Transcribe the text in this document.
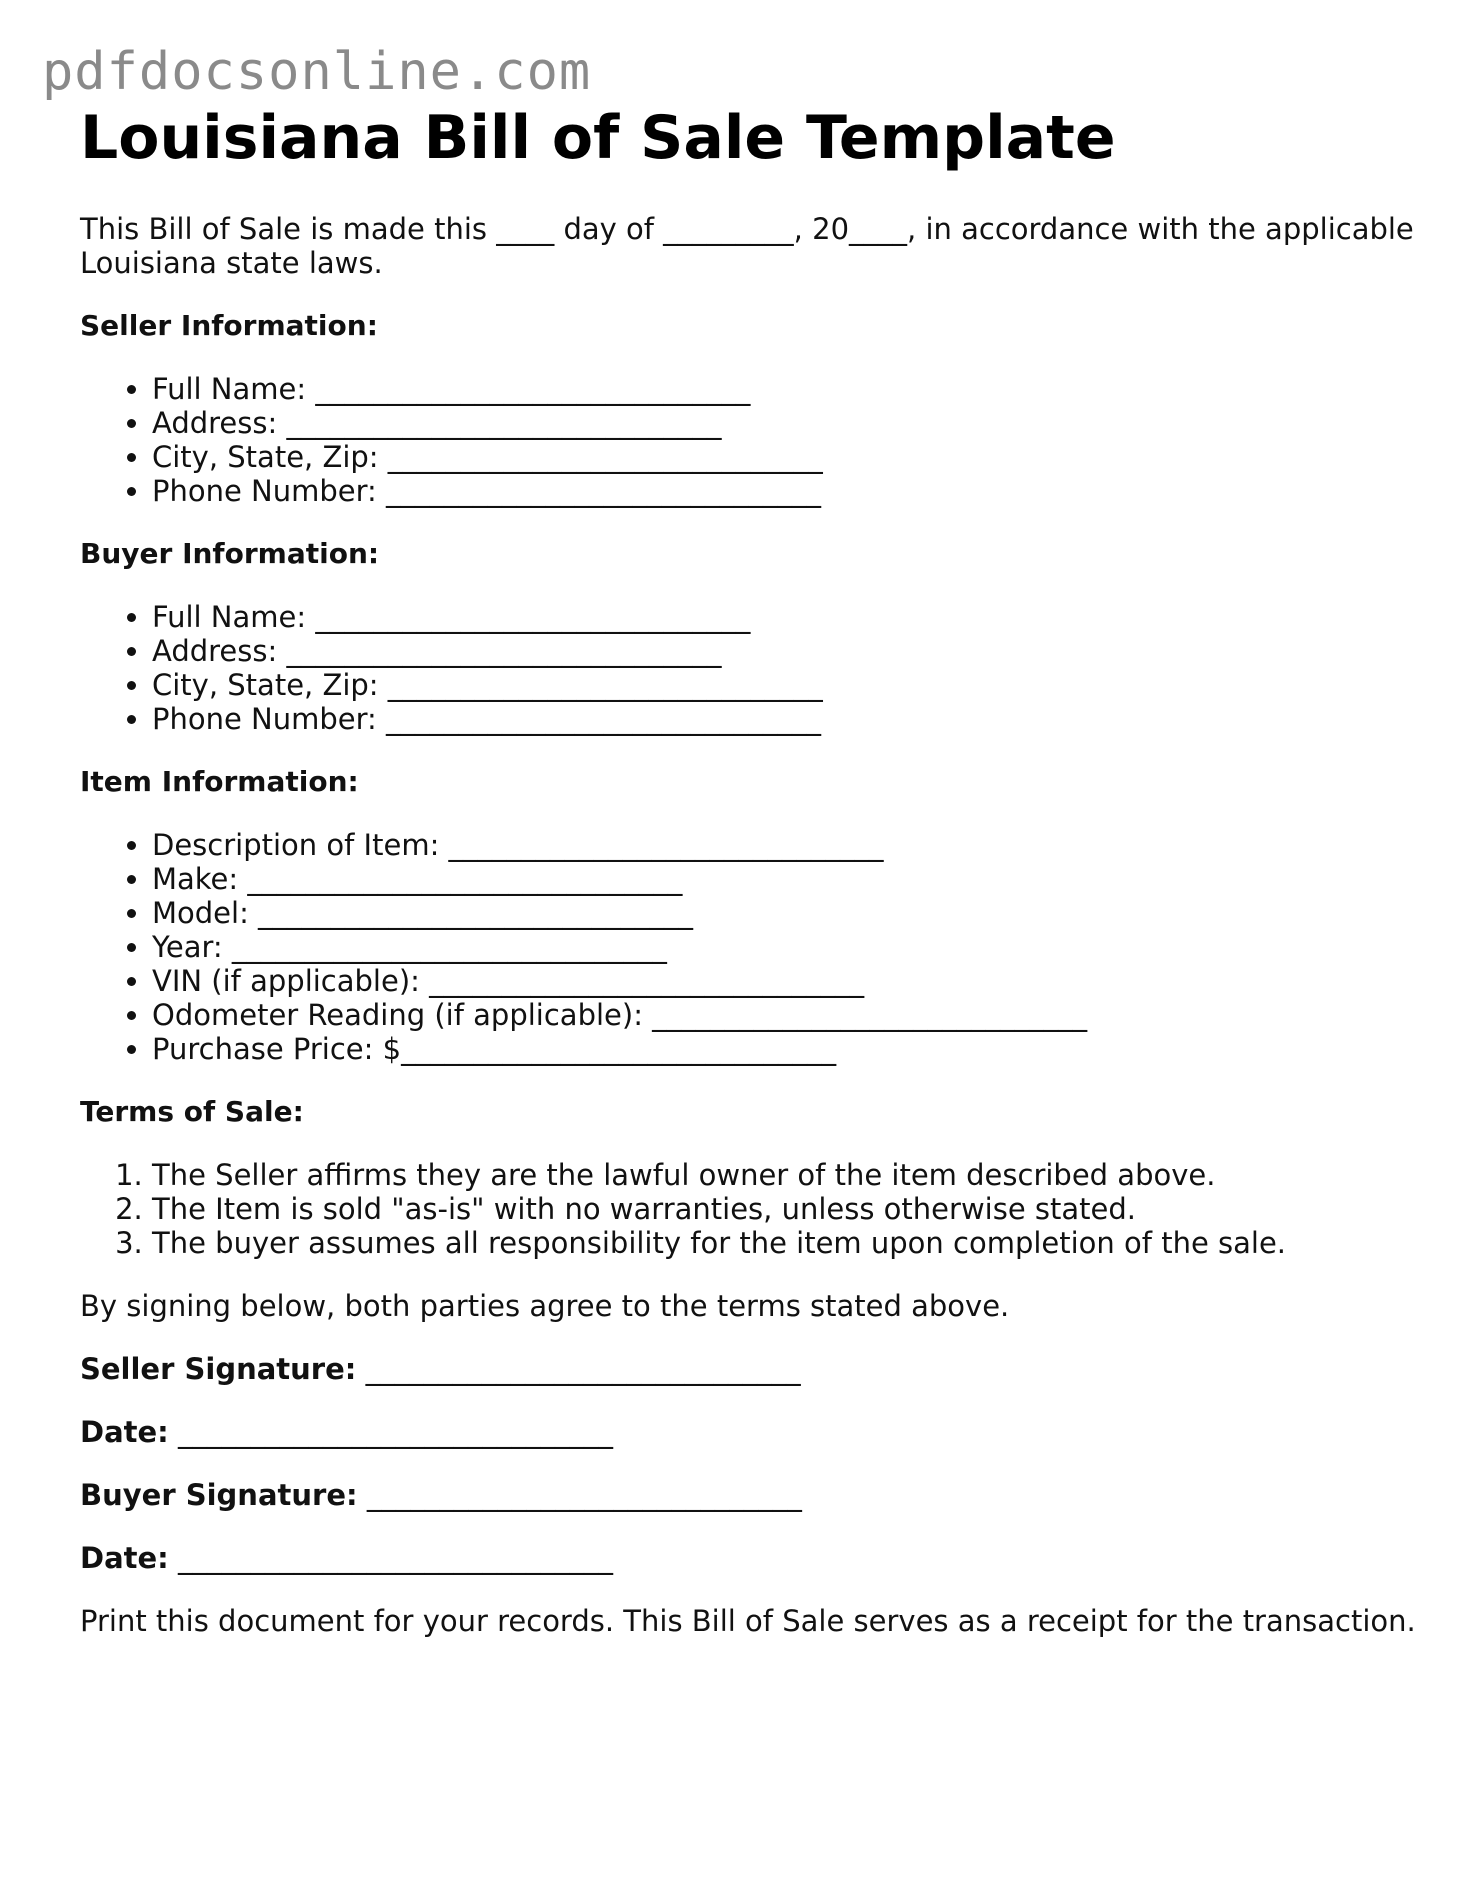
pdfdocsonline.com
Louisiana Bill of Sale Template

This Bill of Sale is made this ____ day of _________, 20____, in accordance with the applicable Louisiana state laws.

Seller Information:
• Full Name: ______________________________
• Address: ______________________________
• City, State, Zip: ______________________________
• Phone Number: ______________________________
Buyer Information:
• Full Name: ______________________________
• Address: ______________________________
• City, State, Zip: ______________________________
• Phone Number: ______________________________
Item Information:
• Description of Item: ______________________________
• Make: ______________________________
• Model: ______________________________
• Year: ______________________________
• VIN (if applicable): ______________________________
• Odometer Reading (if applicable): ______________________________
• Purchase Price: $______________________________
Terms of Sale:
1. The Seller affirms they are the lawful owner of the item described above.
2. The Item is sold "as-is" with no warranties, unless otherwise stated.
3. The buyer assumes all responsibility for the item upon completion of the sale.

By signing below, both parties agree to the terms stated above.

Seller Signature: ______________________________
Date: ______________________________
Buyer Signature: ______________________________
Date: ______________________________

Print this document for your records. This Bill of Sale serves as a receipt for the transaction.
